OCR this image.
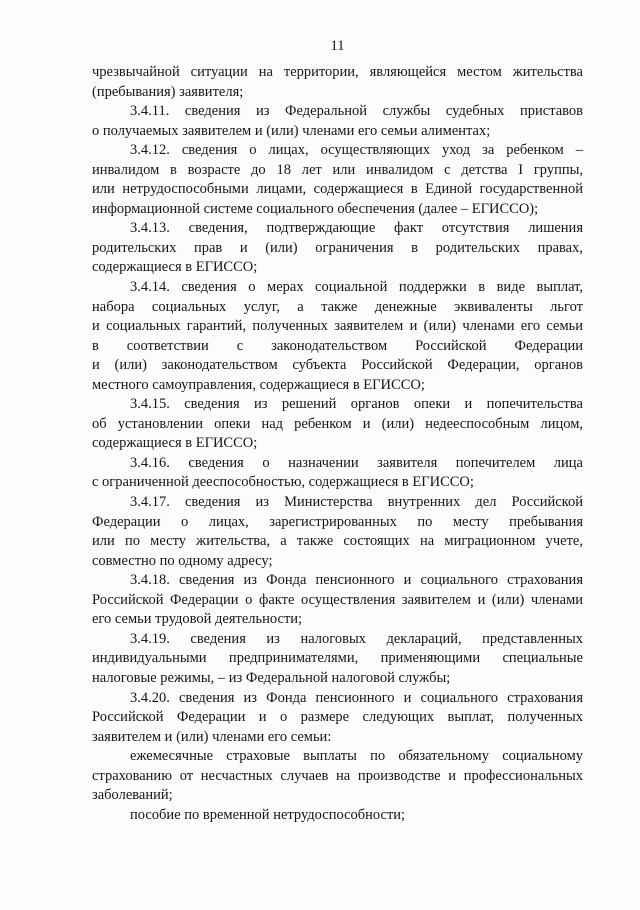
11
чрезвычайной ситуации на территории, являющейся местом жительства
(пребывания) заявителя;
3.4.11. сведения из Федеральной службы судебных приставов
о получаемых заявителем и (или) членами его семьи алиментах;
3.4.12. сведения о лицах, осуществляющих уход за ребенком –
инвалидом в возрасте до 18 лет или инвалидом с детства I группы,
или нетрудоспособными лицами, содержащиеся в Единой государственной
информационной системе социального обеспечения (далее – ЕГИССО);
3.4.13. сведения, подтверждающие факт отсутствия лишения
родительских прав и (или) ограничения в родительских правах,
содержащиеся в ЕГИССО;
3.4.14. сведения о мерах социальной поддержки в виде выплат,
набора социальных услуг, а также денежные эквиваленты льгот
и социальных гарантий, полученных заявителем и (или) членами его семьи
в соответствии с законодательством Российской Федерации
и (или) законодательством субъекта Российской Федерации, органов
местного самоуправления, содержащиеся в ЕГИССО;
3.4.15. сведения из решений органов опеки и попечительства
об установлении опеки над ребенком и (или) недееспособным лицом,
содержащиеся в ЕГИССО;
3.4.16. сведения о назначении заявителя попечителем лица
с ограниченной дееспособностью, содержащиеся в ЕГИССО;
3.4.17. сведения из Министерства внутренних дел Российской
Федерации о лицах, зарегистрированных по месту пребывания
или по месту жительства, а также состоящих на миграционном учете,
совместно по одному адресу;
3.4.18. сведения из Фонда пенсионного и социального страхования
Российской Федерации о факте осуществления заявителем и (или) членами
его семьи трудовой деятельности;
3.4.19. сведения из налоговых деклараций, представленных
индивидуальными предпринимателями, применяющими специальные
налоговые режимы, – из Федеральной налоговой службы;
3.4.20. сведения из Фонда пенсионного и социального страхования
Российской Федерации и о размере следующих выплат, полученных
заявителем и (или) членами его семьи:
ежемесячные страховые выплаты по обязательному социальному
страхованию от несчастных случаев на производстве и профессиональных
заболеваний;
пособие по временной нетрудоспособности;
